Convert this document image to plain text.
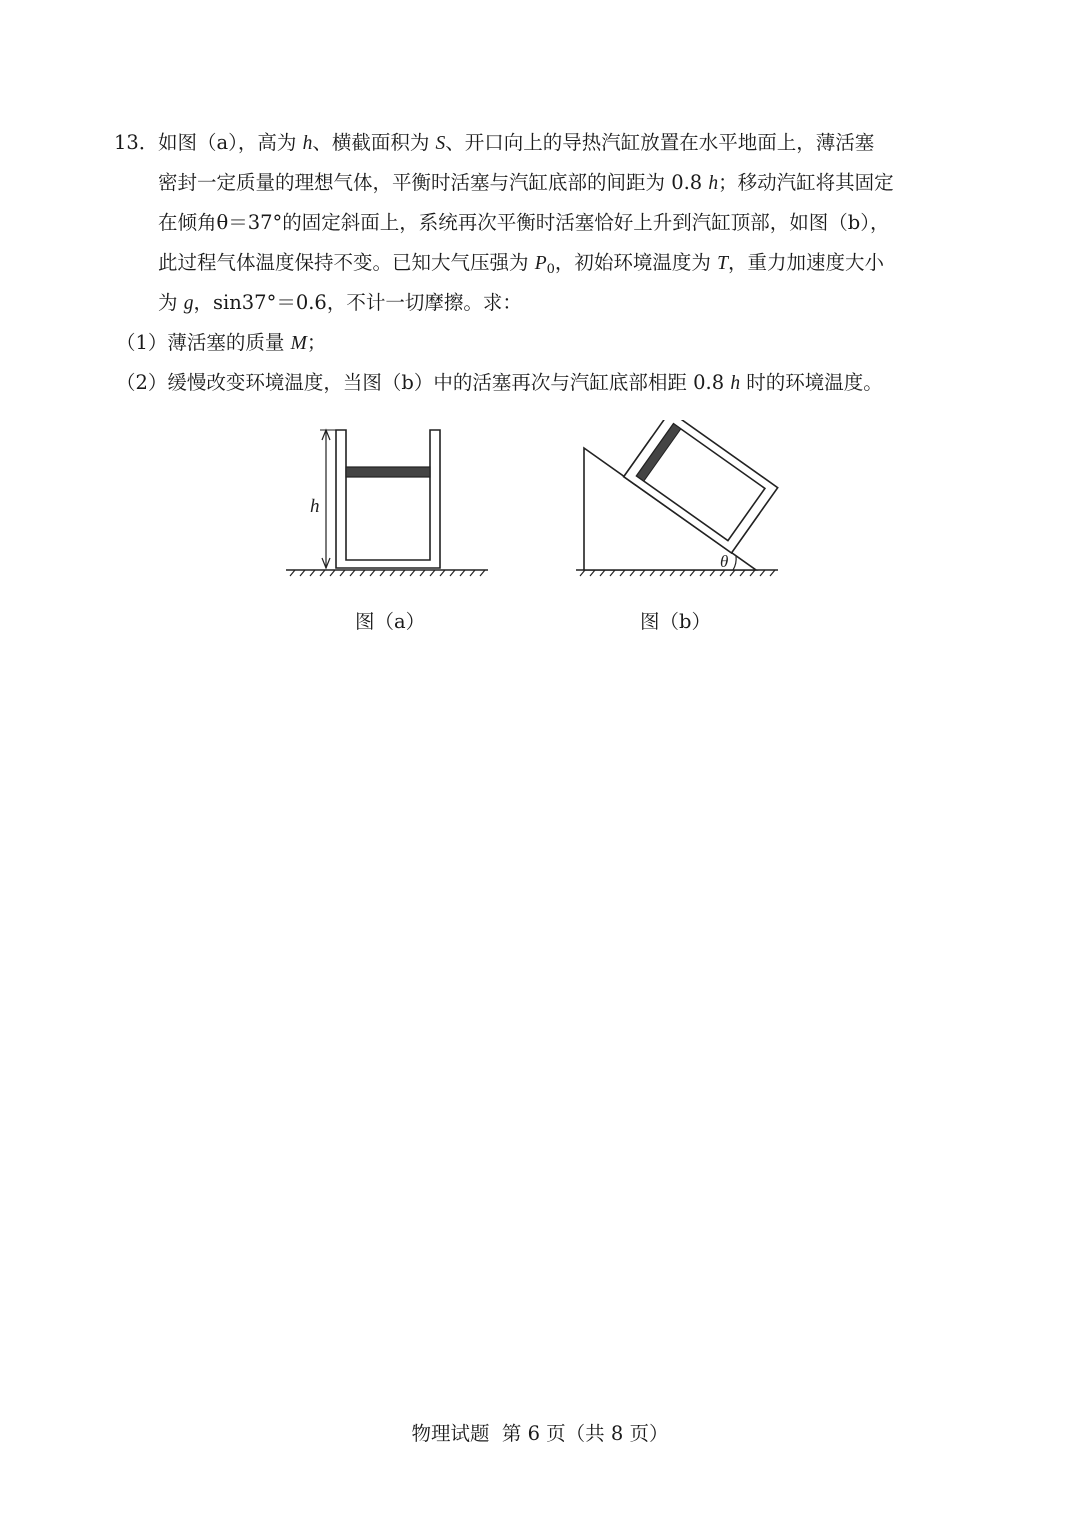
13．如图（a），高为 h、横截面积为 S、开口向上的导热汽缸放置在水平地面上，薄活塞
密封一定质量的理想气体，平衡时活塞与汽缸底部的间距为 0.8 h；移动汽缸将其固定
在倾角θ＝37°的固定斜面上，系统再次平衡时活塞恰好上升到汽缸顶部，如图（b），
此过程气体温度保持不变。已知大气压强为 $P_0$，初始环境温度为 T，重力加速度大小
为 g，sin37°＝0.6，不计一切摩擦。求：
（1）薄活塞的质量 M；
（2）缓慢改变环境温度，当图（b）中的活塞再次与汽缸底部相距 0.8 h 时的环境温度。
h
θ
图（a）	图（b）
物理试题  第 6 页（共 8 页）
